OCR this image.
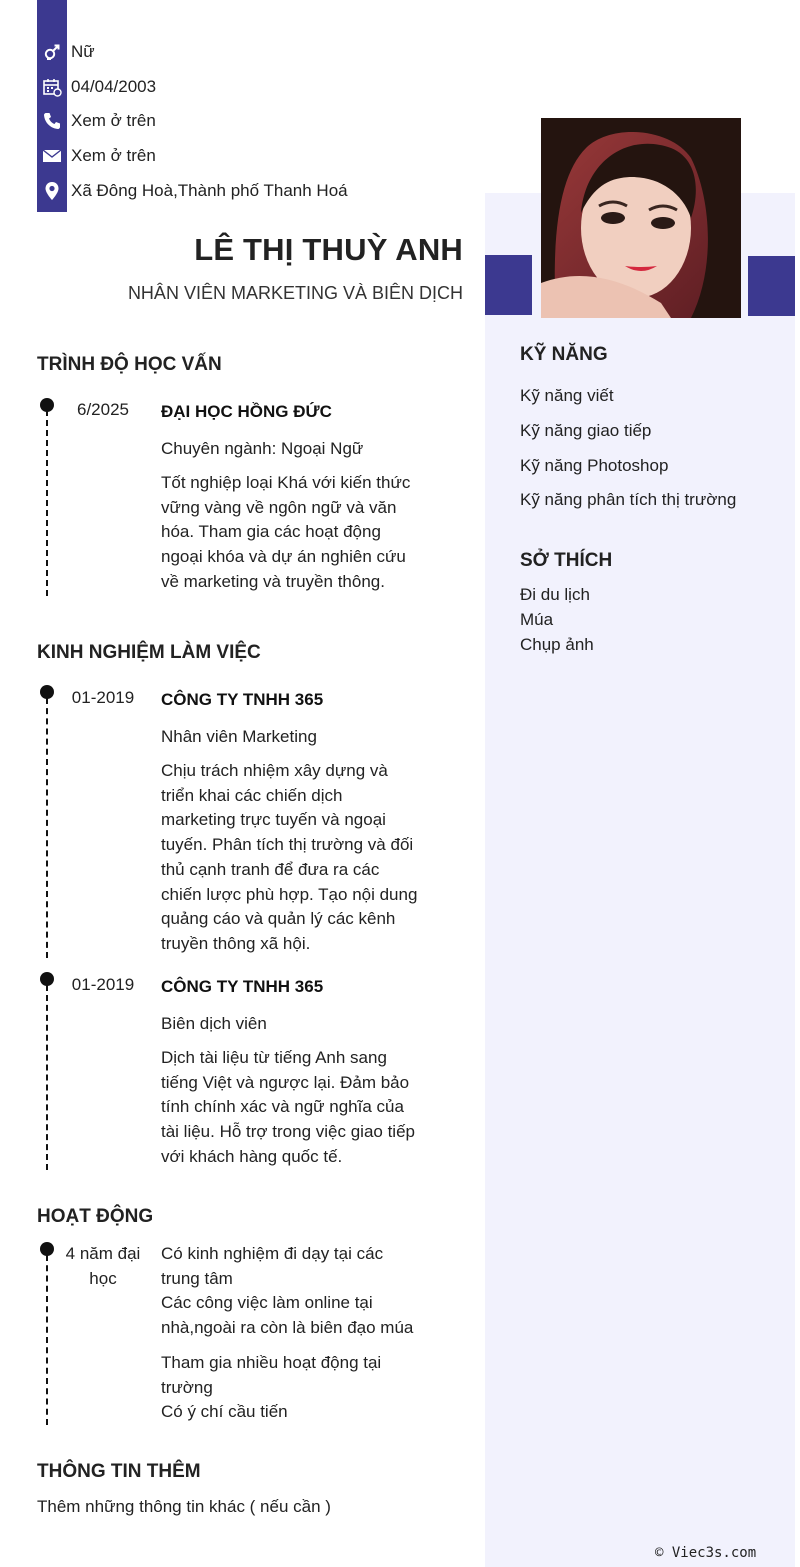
Nữ
04/04/2003
Xem ở trên
Xem ở trên
Xã Đông Hoà,Thành phố Thanh Hoá
LÊ THỊ THUỲ ANH
NHÂN VIÊN MARKETING VÀ BIÊN DỊCH
KỸ NĂNG
Kỹ năng viết
Kỹ năng giao tiếp
Kỹ năng Photoshop
Kỹ năng phân tích thị trường
SỞ THÍCH
Đi du lịch
Múa
Chụp ảnh
TRÌNH ĐỘ HỌC VẤN
6/2025	ĐẠI HỌC HỒNG ĐỨC
Chuyên ngành: Ngoại Ngữ
Tốt nghiệp loại Khá với kiến thức vững vàng về ngôn ngữ và văn hóa. Tham gia các hoạt động ngoại khóa và dự án nghiên cứu về marketing và truyền thông.
KINH NGHIỆM LÀM VIỆC
01-2019	CÔNG TY TNHH 365
Nhân viên Marketing
Chịu trách nhiệm xây dựng và triển khai các chiến dịch marketing trực tuyến và ngoại tuyến. Phân tích thị trường và đối thủ cạnh tranh để đưa ra các chiến lược phù hợp. Tạo nội dung quảng cáo và quản lý các kênh truyền thông xã hội.
01-2019	CÔNG TY TNHH 365
Biên dịch viên
Dịch tài liệu từ tiếng Anh sang tiếng Việt và ngược lại. Đảm bảo tính chính xác và ngữ nghĩa của tài liệu. Hỗ trợ trong việc giao tiếp với khách hàng quốc tế.
HOẠT ĐỘNG
4 năm đại học
Có kinh nghiệm đi dạy tại các trung tâm
Các công việc làm online tại nhà,ngoài ra còn là biên đạo múa
Tham gia nhiều hoạt động tại trường
Có ý chí cầu tiến
THÔNG TIN THÊM
Thêm những thông tin khác ( nếu cần )
© Viec3s.com
